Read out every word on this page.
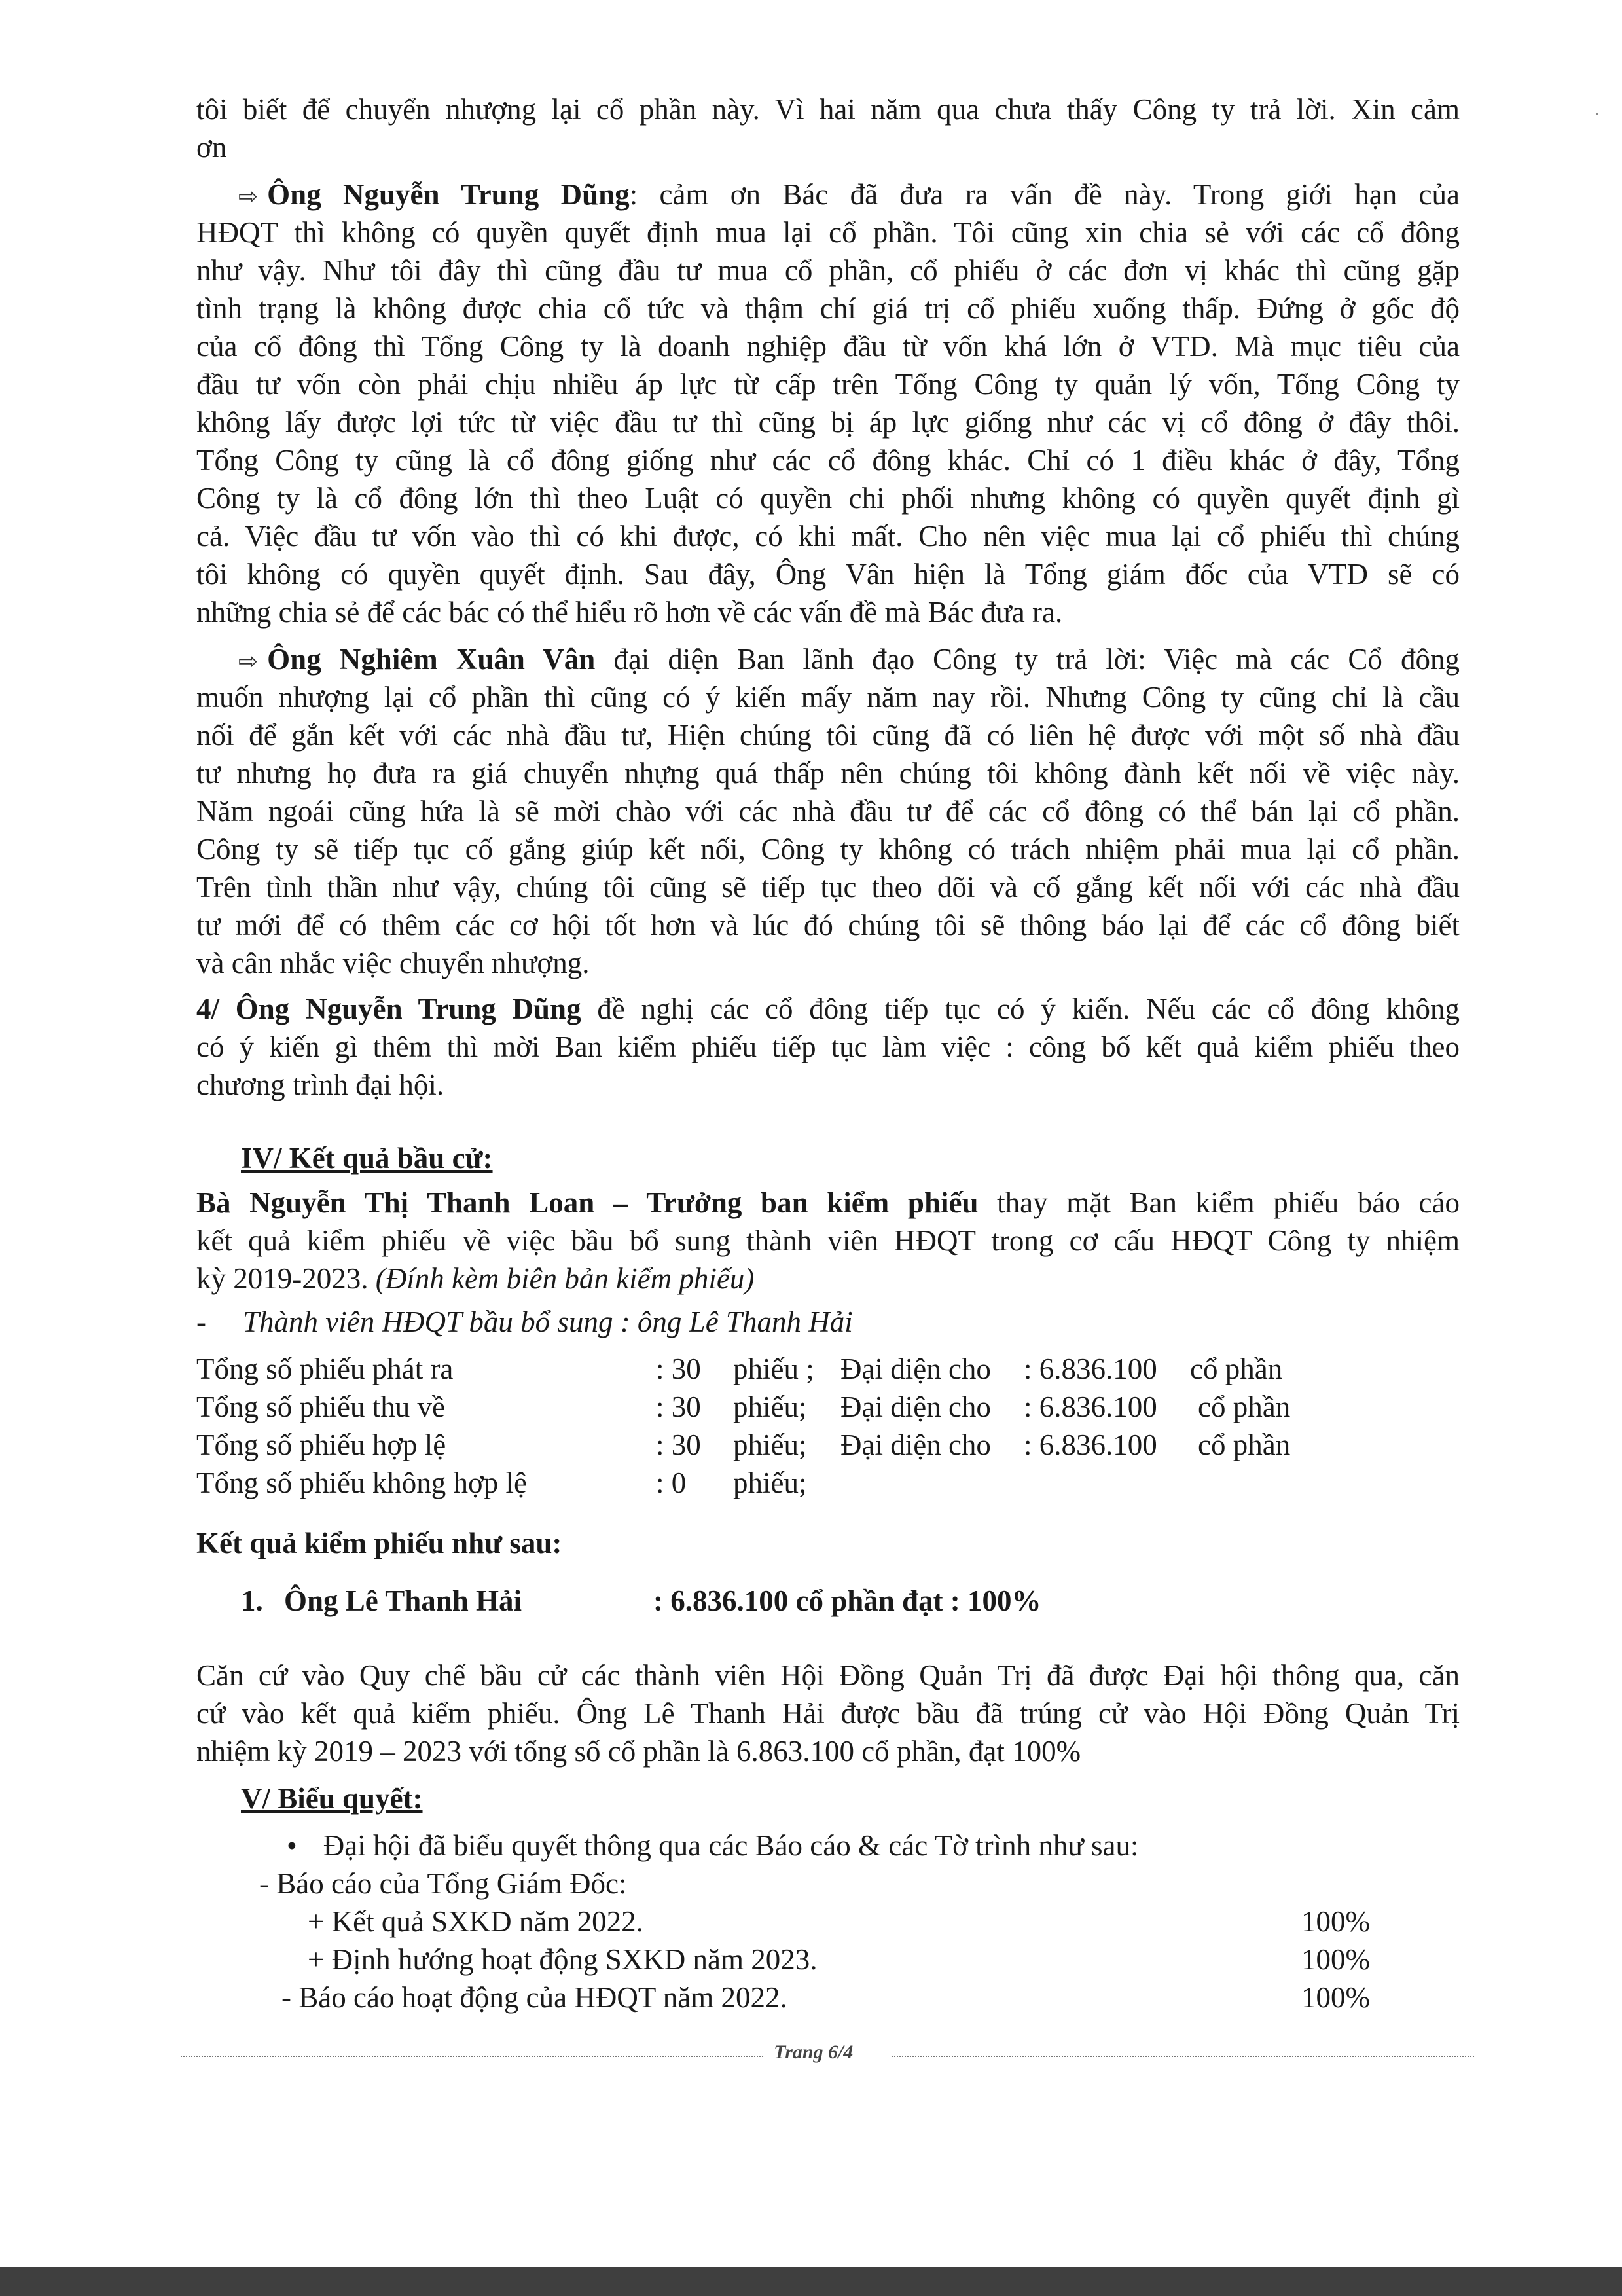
tôi biết để chuyển nhượng lại cổ phần này. Vì hai năm qua chưa thấy Công ty trả lời. Xin cảm
ơn
⇨ Ông Nguyễn Trung Dũng: cảm ơn Bác đã đưa ra vấn đề này. Trong giới hạn của
HĐQT thì không có quyền quyết định mua lại cổ phần. Tôi cũng xin chia sẻ với các cổ đông
như vậy. Như tôi đây thì cũng đầu tư mua cổ phần, cổ phiếu ở các đơn vị khác thì cũng gặp
tình trạng là không được chia cổ tức và thậm chí giá trị cổ phiếu xuống thấp. Đứng ở gốc độ
của cổ đông thì Tổng Công ty là doanh nghiệp đầu từ vốn khá lớn ở VTD. Mà mục tiêu của
đầu tư vốn còn phải chịu nhiều áp lực từ cấp trên Tổng Công ty quản lý vốn, Tổng Công ty
không lấy được lợi tức từ việc đầu tư thì cũng bị áp lực giống như các vị cổ đông ở đây thôi.
Tổng Công ty cũng là cổ đông giống như các cổ đông khác. Chỉ có 1 điều khác ở đây, Tổng
Công ty là cổ đông lớn thì theo Luật có quyền chi phối nhưng không có quyền quyết định gì
cả. Việc đầu tư vốn vào thì có khi được, có khi mất. Cho nên việc mua lại cổ phiếu thì chúng
tôi không có quyền quyết định. Sau đây, Ông Vân hiện là Tổng giám đốc của VTD sẽ có
những chia sẻ để các bác có thể hiểu rõ hơn về các vấn đề mà Bác đưa ra.
⇨ Ông Nghiêm Xuân Vân đại diện Ban lãnh đạo Công ty trả lời: Việc mà các Cổ đông
muốn nhượng lại cổ phần thì cũng có ý kiến mấy năm nay rồi. Nhưng Công ty cũng chỉ là cầu
nối để gắn kết với các nhà đầu tư, Hiện chúng tôi cũng đã có liên hệ được với một số nhà đầu
tư nhưng họ đưa ra giá chuyển nhựng quá thấp nên chúng tôi không đành kết nối về việc này.
Năm ngoái cũng hứa là sẽ mời chào với các nhà đầu tư để các cổ đông có thể bán lại cổ phần.
Công ty sẽ tiếp tục cố gắng giúp kết nối, Công ty không có trách nhiệm phải mua lại cổ phần.
Trên tình thần như vậy, chúng tôi cũng sẽ tiếp tục theo dõi và cố gắng kết nối với các nhà đầu
tư mới để có thêm các cơ hội tốt hơn và lúc đó chúng tôi sẽ thông báo lại để các cổ đông biết
và cân nhắc việc chuyển nhượng.
4/ Ông Nguyễn Trung Dũng đề nghị các cổ đông tiếp tục có ý kiến. Nếu các cổ đông không
có ý kiến gì thêm thì mời Ban kiểm phiếu tiếp tục làm việc : công bố kết quả kiểm phiếu theo
chương trình đại hội.
IV/ Kết quả bầu cử:
Bà Nguyễn Thị Thanh Loan – Trưởng ban kiểm phiếu thay mặt Ban kiểm phiếu báo cáo
kết quả kiểm phiếu về việc bầu bổ sung thành viên HĐQT trong cơ cấu HĐQT Công ty nhiệm
kỳ 2019-2023. (Đính kèm biên bản kiểm phiếu)
- Thành viên HĐQT bầu bổ sung : ông Lê Thanh Hải
Tổng số phiếu phát ra	: 30 phiếu ; Đại diện cho : 6.836.100 cổ phần
Tổng số phiếu thu về	: 30 phiếu; Đại diện cho : 6.836.100 cổ phần
Tổng số phiếu hợp lệ	: 30 phiếu; Đại diện cho : 6.836.100 cổ phần
Tổng số phiếu không hợp lệ	: 0 phiếu;
Kết quả kiểm phiếu như sau:
1. Ông Lê Thanh Hải	: 6.836.100 cổ phần đạt : 100%
Căn cứ vào Quy chế bầu cử các thành viên Hội Đồng Quản Trị đã được Đại hội thông qua, căn
cứ vào kết quả kiểm phiếu. Ông Lê Thanh Hải được bầu đã trúng cử vào Hội Đồng Quản Trị
nhiệm kỳ 2019 – 2023 với tổng số cổ phần là 6.863.100 cổ phần, đạt 100%
V/ Biểu quyết:
• Đại hội đã biểu quyết thông qua các Báo cáo & các Tờ trình như sau:
- Báo cáo của Tổng Giám Đốc:
+ Kết quả SXKD năm 2022.	100%
+ Định hướng hoạt động SXKD năm 2023.	100%
- Báo cáo hoạt động của HĐQT năm 2022.	100%
Trang 6/4
·
